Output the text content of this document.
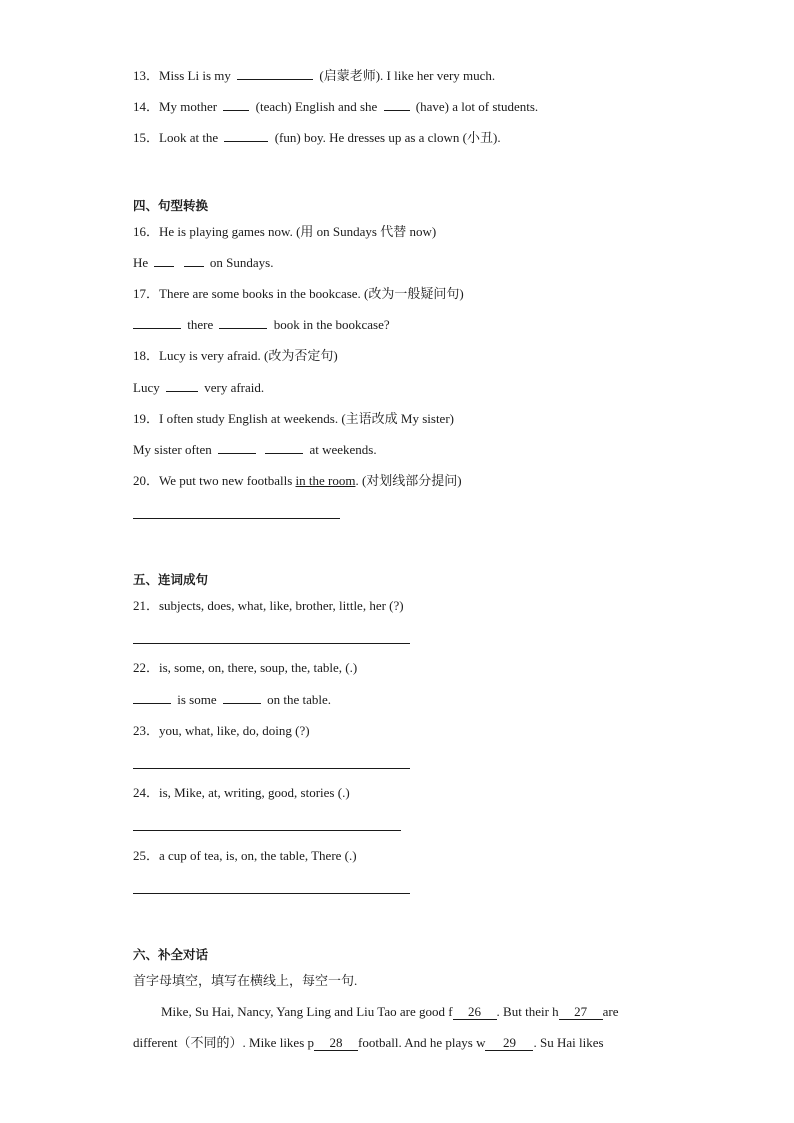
13．Miss Li is my	(启蒙老师). I like her very much.
14．My mother	(teach) English and she	(have) a lot of students.
15．Look at the	(fun) boy. He dresses up as a clown (小丑).
四、句型转换
16．He is playing games now. (用 on Sundays 代替 now)
He	on Sundays.
17．There are some books in the bookcase. (改为一般疑问句)
there	book in the bookcase?
18．Lucy is very afraid. (改为否定句)
Lucy	very afraid.
19．I often study English at weekends. (主语改成 My sister)
My sister often	at weekends.
20．We put two new footballs in the room. (对划线部分提问)
五、连词成句
21．subjects, does, what, like, brother, little, her (?)
22．is, some, on, there, soup, the, table, (.)
is some	on the table.
23．you, what, like, do, doing (?)
24．is, Mike, at, writing, good, stories (.)
25．a cup of tea, is, on, the table, There (.)
六、补全对话
首字母填空，填写在横线上，每空一句.
Mike, Su Hai, Nancy, Yang Ling and Liu Tao are good f 26 . But their h 27 are
different（不同的）. Mike likes p 28 football. And he plays w 29 . Su Hai likes
